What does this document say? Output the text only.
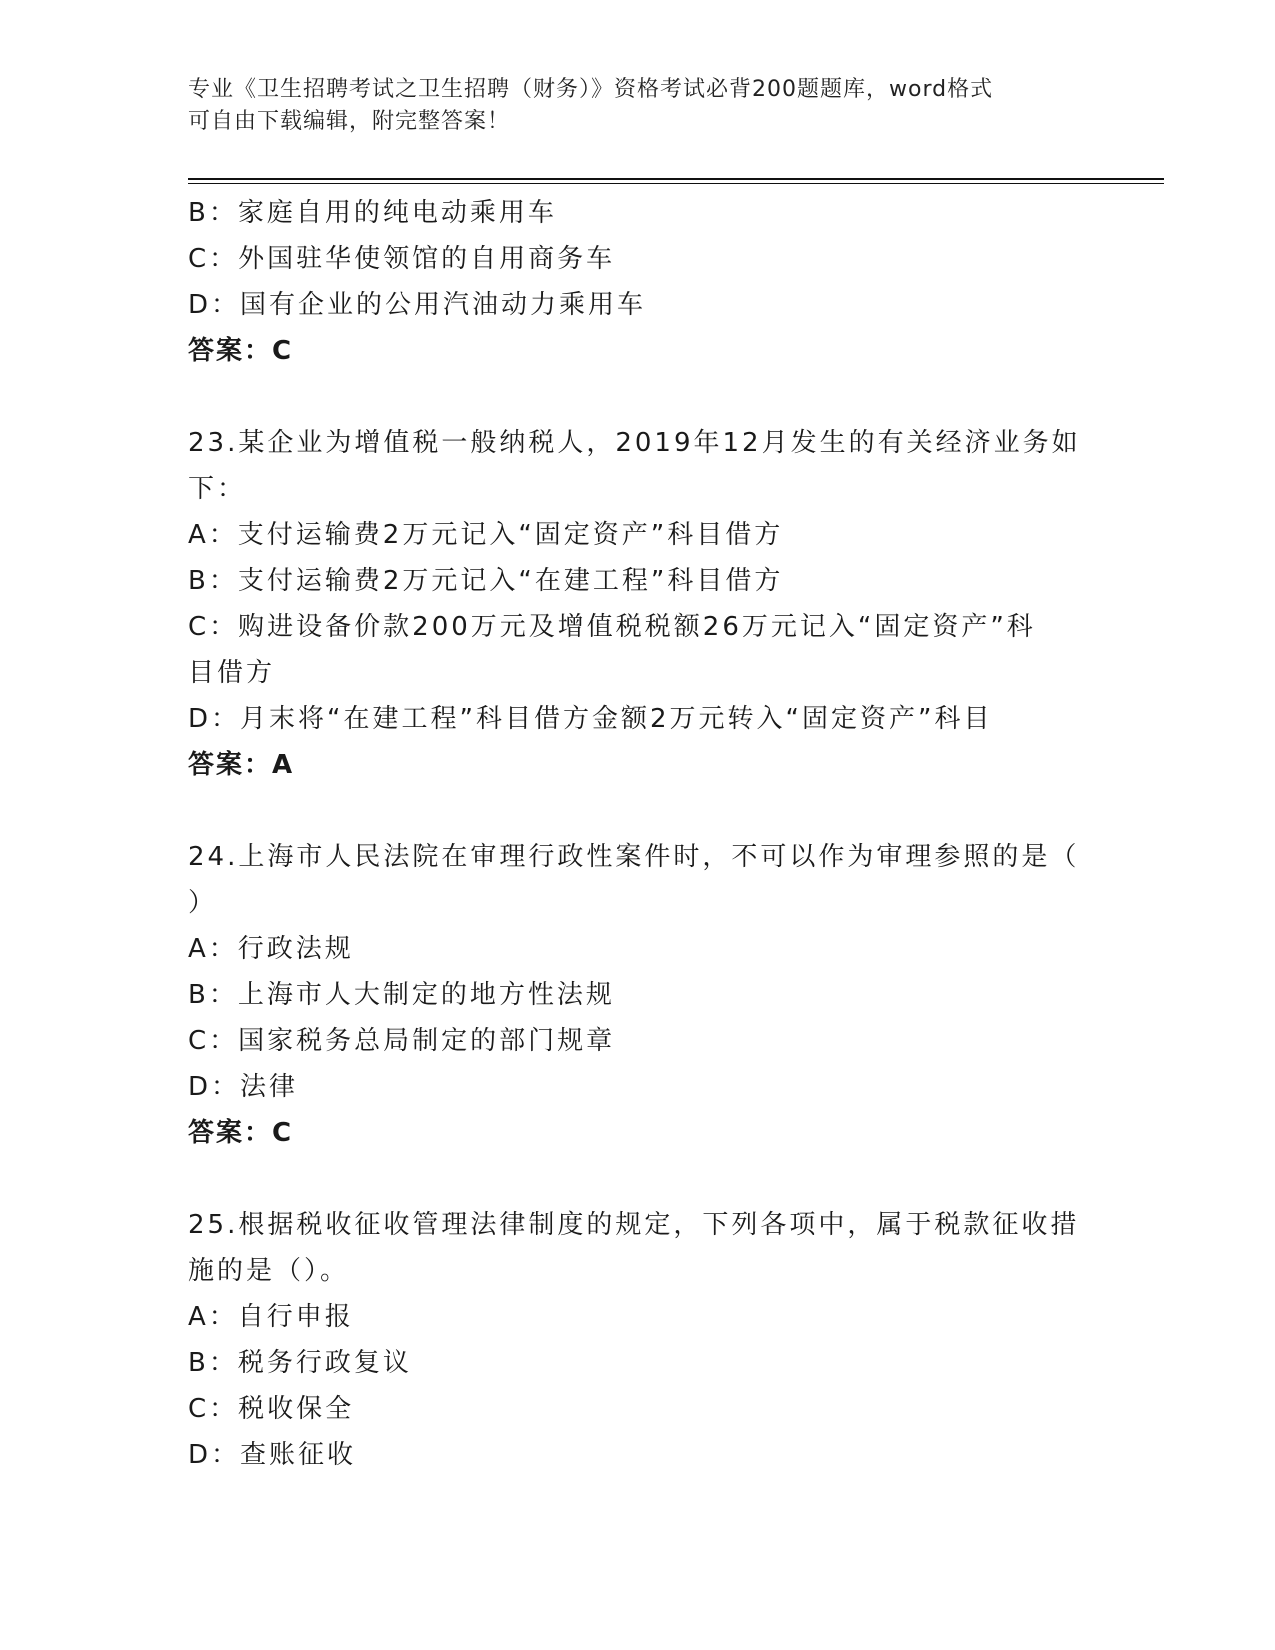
专业《卫生招聘考试之卫生招聘（财务）》资格考试必背200题题库，word格式
可自由下载编辑，附完整答案！
B：家庭自用的纯电动乘用车
C：外国驻华使领馆的自用商务车
D：国有企业的公用汽油动力乘用车
答案：C
23.某企业为增值税一般纳税人，2019年12月发生的有关经济业务如
下：
A：支付运输费2万元记入“固定资产”科目借方
B：支付运输费2万元记入“在建工程”科目借方
C：购进设备价款200万元及增值税税额26万元记入“固定资产”科
目借方
D：月末将“在建工程”科目借方金额2万元转入“固定资产”科目
答案：A
24.上海市人民法院在审理行政性案件时，不可以作为审理参照的是（
）
A：行政法规
B：上海市人大制定的地方性法规
C：国家税务总局制定的部门规章
D：法律
答案：C
25.根据税收征收管理法律制度的规定，下列各项中，属于税款征收措
施的是（）。
A：自行申报
B：税务行政复议
C：税收保全
D：查账征收
